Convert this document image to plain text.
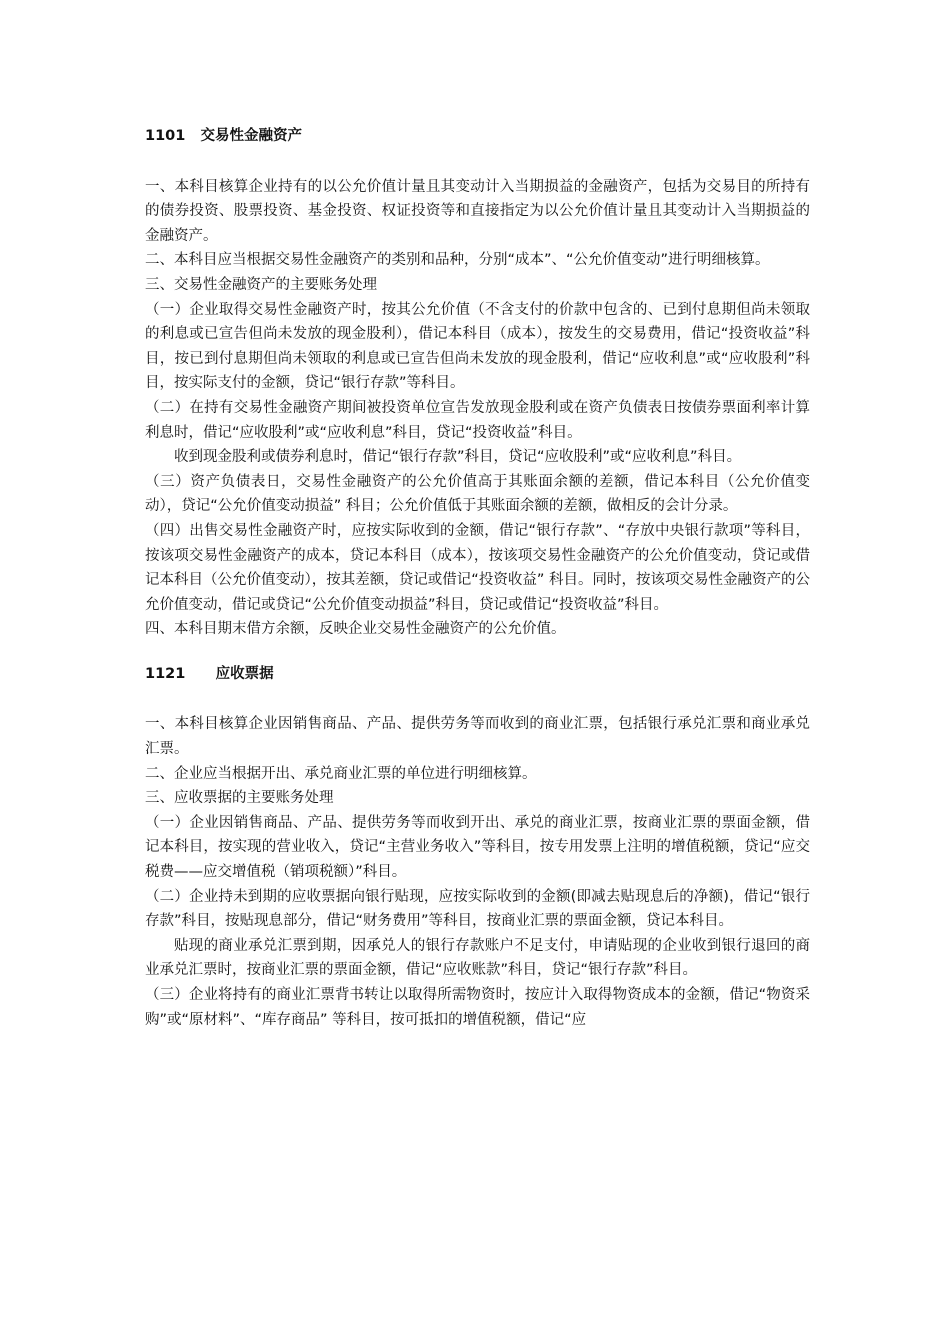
1101   交易性金融资产

一、本科目核算企业持有的以公允价值计量且其变动计入当期损益的金融资产，包括为交易目的所持有的债券投资、股票投资、基金投资、权证投资等和直接指定为以公允价值计量且其变动计入当期损益的金融资产。

二、本科目应当根据交易性金融资产的类别和品种，分别“成本”、“公允价值变动”进行明细核算。

三、交易性金融资产的主要账务处理

（一）企业取得交易性金融资产时，按其公允价值（不含支付的价款中包含的、已到付息期但尚未领取的利息或已宣告但尚未发放的现金股利），借记本科目（成本），按发生的交易费用，借记“投资收益”科目，按已到付息期但尚未领取的利息或已宣告但尚未发放的现金股利，借记“应收利息”或“应收股利”科目，按实际支付的金额，贷记“银行存款”等科目。

（二）在持有交易性金融资产期间被投资单位宣告发放现金股利或在资产负债表日按债券票面利率计算利息时，借记“应收股利”或“应收利息”科目，贷记“投资收益”科目。

收到现金股利或债券利息时，借记“银行存款”科目，贷记“应收股利”或“应收利息”科目。

（三）资产负债表日，交易性金融资产的公允价值高于其账面余额的差额，借记本科目（公允价值变动），贷记“公允价值变动损益” 科目；公允价值低于其账面余额的差额，做相反的会计分录。

（四）出售交易性金融资产时，应按实际收到的金额，借记“银行存款”、“存放中央银行款项”等科目，按该项交易性金融资产的成本，贷记本科目（成本），按该项交易性金融资产的公允价值变动，贷记或借记本科目（公允价值变动），按其差额，贷记或借记“投资收益” 科目。同时，按该项交易性金融资产的公允价值变动，借记或贷记“公允价值变动损益”科目，贷记或借记“投资收益”科目。

四、本科目期末借方余额，反映企业交易性金融资产的公允价值。

1121      应收票据

一、本科目核算企业因销售商品、产品、提供劳务等而收到的商业汇票，包括银行承兑汇票和商业承兑汇票。

二、企业应当根据开出、承兑商业汇票的单位进行明细核算。

三、应收票据的主要账务处理

（一）企业因销售商品、产品、提供劳务等而收到开出、承兑的商业汇票，按商业汇票的票面金额，借记本科目，按实现的营业收入，贷记“主营业务收入”等科目，按专用发票上注明的增值税额，贷记“应交税费——应交增值税（销项税额）”科目。

（二）企业持未到期的应收票据向银行贴现，应按实际收到的金额(即减去贴现息后的净额)，借记“银行存款”科目，按贴现息部分，借记“财务费用”等科目，按商业汇票的票面金额，贷记本科目。

贴现的商业承兑汇票到期，因承兑人的银行存款账户不足支付，申请贴现的企业收到银行退回的商业承兑汇票时，按商业汇票的票面金额，借记“应收账款”科目，贷记“银行存款”科目。

（三）企业将持有的商业汇票背书转让以取得所需物资时，按应计入取得物资成本的金额，借记“物资采购”或“原材料”、“库存商品” 等科目，按可抵扣的增值税额，借记“应
